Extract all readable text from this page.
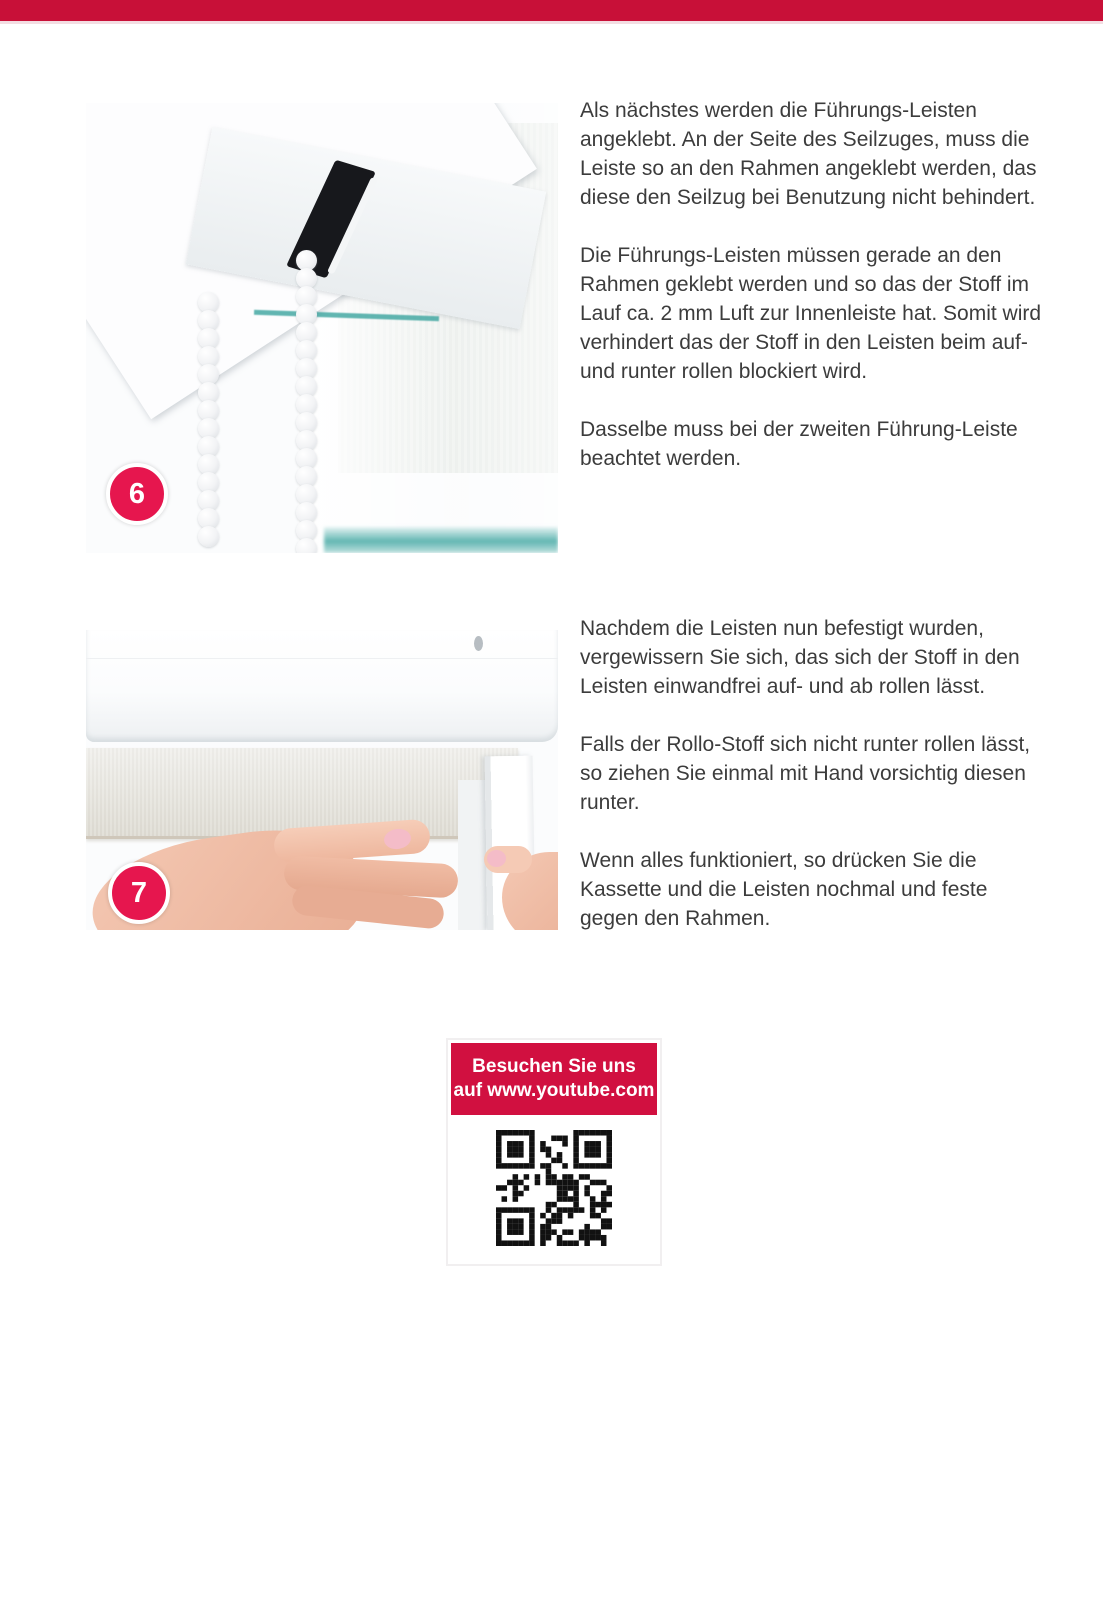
6

Als nächstes werden die Führungs-Leisten angeklebt. An der Seite des Seilzuges, muss die Leiste so an den Rahmen angeklebt werden, das diese den Seilzug bei Benutzung nicht behindert.

Die Führungs-Leisten müssen gerade an den Rahmen geklebt werden und so das der Stoff im Lauf ca. 2 mm Luft zur Innenleiste hat. Somit wird verhindert das der Stoff in den Leisten beim auf- und runter rollen blockiert wird.

Dasselbe muss bei der zweiten Führung-Leiste beachtet werden.

7

Nachdem die Leisten nun befestigt wurden, vergewissern Sie sich, das sich der Stoff in den Leisten einwandfrei auf- und ab rollen lässt.

Falls der Rollo-Stoff sich nicht runter rollen lässt, so ziehen Sie einmal mit Hand vorsichtig diesen runter.

Wenn alles funktioniert, so drücken Sie die Kassette und die Leisten nochmal und feste gegen den Rahmen.

Besuchen Sie uns
auf www.youtube.com
